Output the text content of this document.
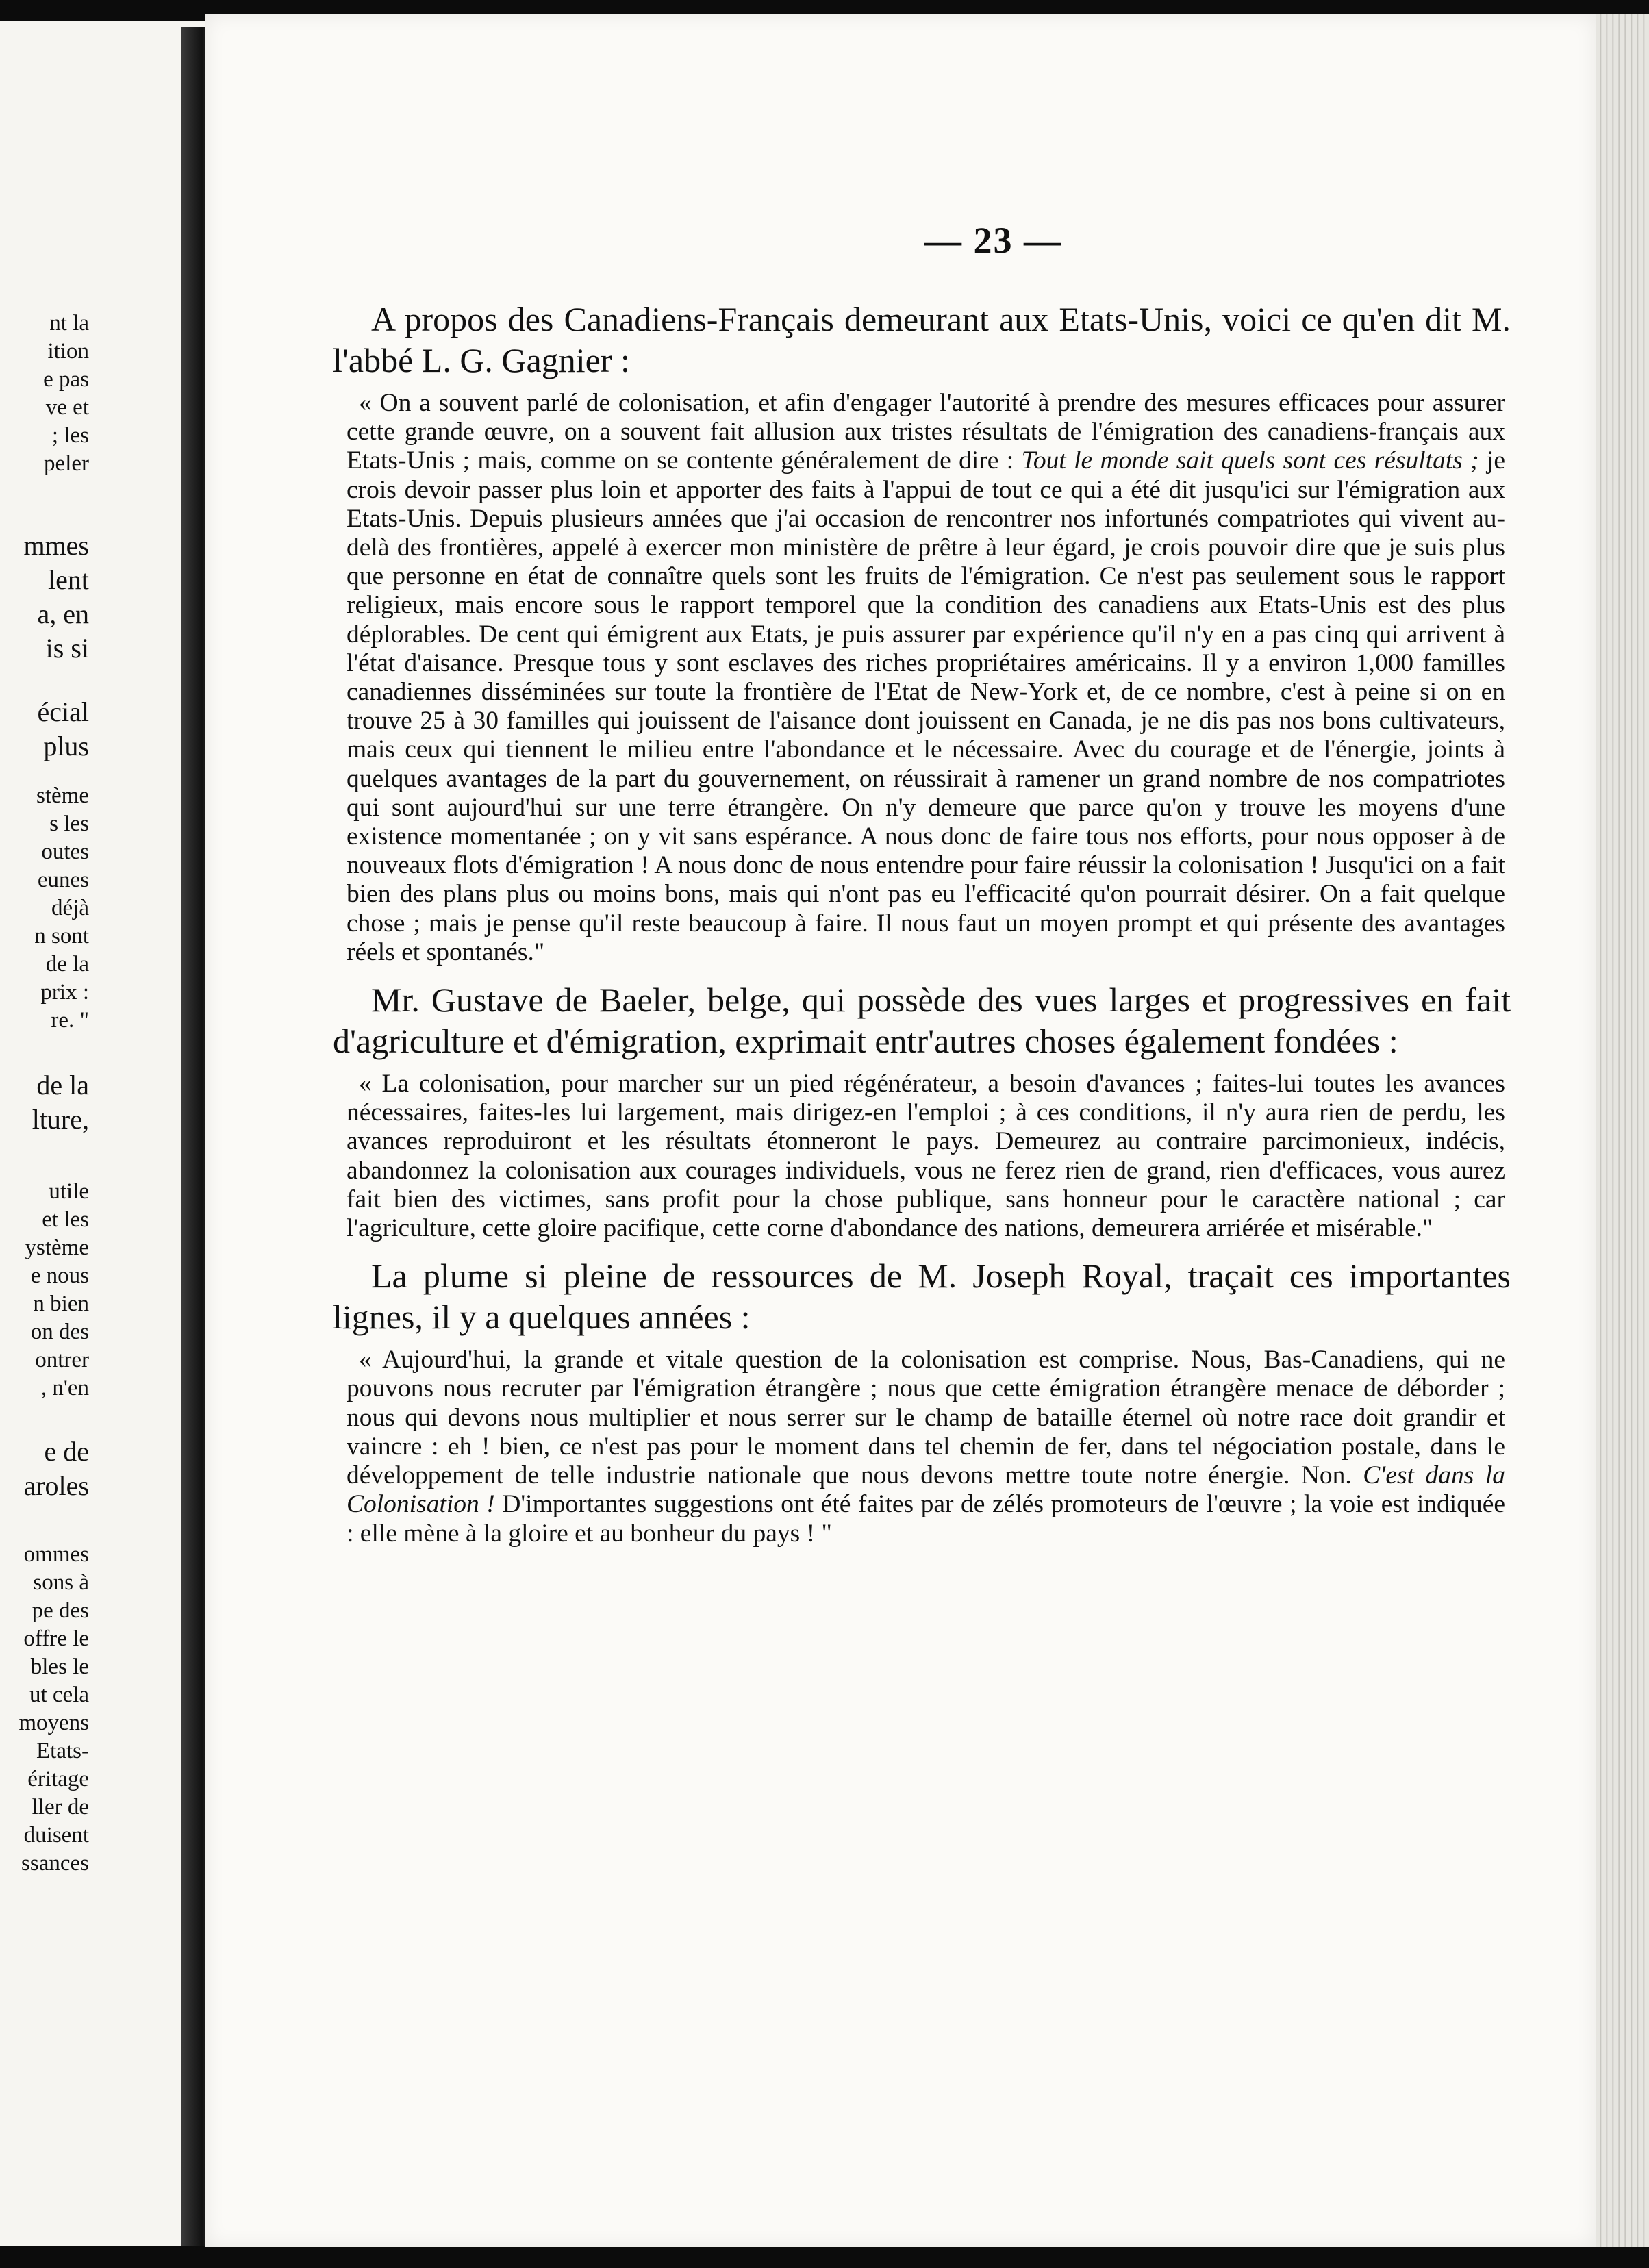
nt la
ition
e pas
ve et
; les
peler
mmes
lent
a, en
is si
écial
plus
stème
s les
outes
eunes
déjà
n sont
de la
prix :
re. "
de la
lture,
utile
et les
ystème
e nous
n bien
on des
ontrer
, n'en
e de
aroles
ommes
sons à
pe des
offre le
bles le
ut cela
moyens
Etats-
éritage
ller de
duisent
ssances
— 23 —

A propos des Canadiens-Français demeurant aux Etats-Unis, voici ce qu'en dit M. l'abbé L. G. Gagnier :

« On a souvent parlé de colonisation, et afin d'engager l'autorité à prendre des mesures efficaces pour assurer cette grande œuvre, on a souvent fait allusion aux tristes résultats de l'émigration des canadiens-français aux Etats-Unis ; mais, comme on se contente généralement de dire : Tout le monde sait quels sont ces résultats ; je crois devoir passer plus loin et apporter des faits à l'appui de tout ce qui a été dit jusqu'ici sur l'émigration aux Etats-Unis. Depuis plusieurs années que j'ai occasion de rencontrer nos infortunés compatriotes qui vivent au-delà des frontières, appelé à exercer mon ministère de prêtre à leur égard, je crois pouvoir dire que je suis plus que personne en état de connaître quels sont les fruits de l'émigration. Ce n'est pas seulement sous le rapport religieux, mais encore sous le rapport temporel que la condition des canadiens aux Etats-Unis est des plus déplorables. De cent qui émigrent aux Etats, je puis assurer par expérience qu'il n'y en a pas cinq qui arrivent à l'état d'aisance. Presque tous y sont esclaves des riches propriétaires américains. Il y a environ 1,000 familles canadiennes disséminées sur toute la frontière de l'Etat de New-York et, de ce nombre, c'est à peine si on en trouve 25 à 30 familles qui jouissent de l'aisance dont jouissent en Canada, je ne dis pas nos bons cultivateurs, mais ceux qui tiennent le milieu entre l'abondance et le nécessaire. Avec du courage et de l'énergie, joints à quelques avantages de la part du gouvernement, on réussirait à ramener un grand nombre de nos compatriotes qui sont aujourd'hui sur une terre étrangère. On n'y demeure que parce qu'on y trouve les moyens d'une existence momentanée ; on y vit sans espérance. A nous donc de faire tous nos efforts, pour nous opposer à de nouveaux flots d'émigration ! A nous donc de nous entendre pour faire réussir la colonisation ! Jusqu'ici on a fait bien des plans plus ou moins bons, mais qui n'ont pas eu l'efficacité qu'on pourrait désirer. On a fait quelque chose ; mais je pense qu'il reste beaucoup à faire. Il nous faut un moyen prompt et qui présente des avantages réels et spontanés."

Mr. Gustave de Baeler, belge, qui possède des vues larges et progressives en fait d'agriculture et d'émigration, exprimait entr'autres choses également fondées :

« La colonisation, pour marcher sur un pied régénérateur, a besoin d'avances ; faites-lui toutes les avances nécessaires, faites-les lui largement, mais dirigez-en l'emploi ; à ces conditions, il n'y aura rien de perdu, les avances reproduiront et les résultats étonneront le pays. Demeurez au contraire parcimonieux, indécis, abandonnez la colonisation aux courages individuels, vous ne ferez rien de grand, rien d'efficaces, vous aurez fait bien des victimes, sans profit pour la chose publique, sans honneur pour le caractère national ; car l'agriculture, cette gloire pacifique, cette corne d'abondance des nations, demeurera arriérée et misérable."

La plume si pleine de ressources de M. Joseph Royal, traçait ces importantes lignes, il y a quelques années :

« Aujourd'hui, la grande et vitale question de la colonisation est comprise. Nous, Bas-Canadiens, qui ne pouvons nous recruter par l'émigration étrangère ; nous que cette émigration étrangère menace de déborder ; nous qui devons nous multiplier et nous serrer sur le champ de bataille éternel où notre race doit grandir et vaincre : eh ! bien, ce n'est pas pour le moment dans tel chemin de fer, dans tel négociation postale, dans le développement de telle industrie nationale que nous devons mettre toute notre énergie. Non. C'est dans la Colonisation ! D'importantes suggestions ont été faites par de zélés promoteurs de l'œuvre ; la voie est indiquée : elle mène à la gloire et au bonheur du pays ! "
